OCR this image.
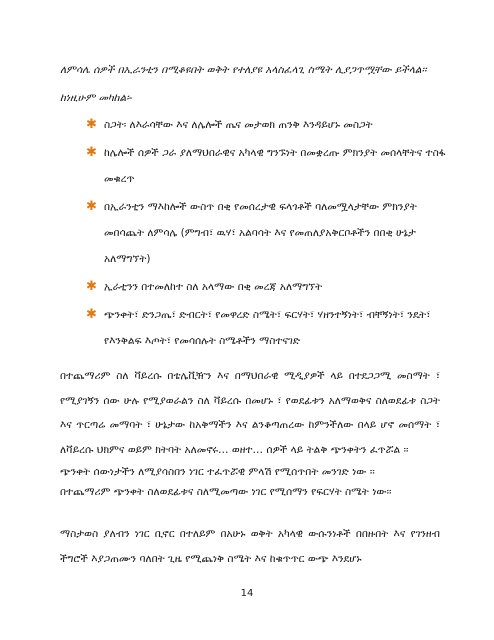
ለምሳሌ ሰዎች በኢራንቲን በሚቆዩበት ወቅት የተለያዩ አላስፈላጊ ስሜት ሊያጋጥሟቸው ይችላል፡፡ ከነዚሁም መካከል፡-

✱ ስጋት፡ ለእራሳቸው እና ለሌሎች ጤና መታወክ ጠንቅ እንዳይሆኑ መስጋት
✱ ከሌሎች ሰዎች ጋራ ያለማህበራዊና አካላዊ ግንኙነት በመቋረጡ ምክንያት መሰላቸትና ተስፋ መቁረጥ
✱ በኢራንቲን ማእከሎች ውስጥ በቂ የመሰረታዊ ፍላጎቶች ባለመሟላታቸው ምክንያት መበሳጨት ለምሳሌ (ምግብ፣ ዉሃ፣ አልባሳት እና የመጠለያአቅርቦቶችን በበቂ ሁኔታ አለማግኘት)
✱ ኢራቲንን በተመለከተ ስለ አላማው በቂ መረጃ አለማግኘት
✱ ጭንቀት፣ ድንጋጤ፣ ድብርት፣ የመዋረድ ስሜት፣ ፍርሃት፣ ሃዘንተኝነት፣ ብቸኝነት፣ ንዴት፣ የእንቅልፍ እጦት፣ የመሳሰሉት ስሜቶችን ማስተናገድ

በተጨማሪም ስለ ቫይረሱ በቴሌቪዥን እና በማህበራዊ ሚዲያዎች ላይ በተደጋጋሚ መስማት ፣ የሚያገኝን ሰው ሁሉ የሚያወራልን ስለ ቫይረሱ በመሆኑ ፣ የወደፊቱን አለማወቅና ስለወደፊቱ ስጋት እና ጥርጣሬ መማባት ፣ ሁኔታው ከአቅማችን እና ልንቆጣጠረው ከምንችለው በላይ ሆኖ መሰማት ፣ ለቫይረሱ ህክምና ወይም ክትባት አለመኖሩ… ወዘተ… ሰዎች ላይ ትልቅ ጭንቀትን ፈጥሯል ፡፡

ጭንቀት ሰውነታችን ለሚያሳስበን ነገር ተፈጥሯዊ ምላሽ የሚሰጥበት መንገድ ነው ፡፡

በተጨማሪም ጭንቀት ስለወደፊቱና ስለሚመጣው ነገር የሚሰማን የፍርሃት ስሜት ነው፡፡

ማስታወስ ያለብን ነገር ቢኖር በተለይም በአሁኑ ወቅት አካላዊ ውሱንነቶች በበዙበት እና የገንዘብ ችግሮች እያጋጠሙን ባለበት ጊዜ የሚጨነቅ ስሜት እና ከቁጥጥር ውጭ እንደሆኑ

14
